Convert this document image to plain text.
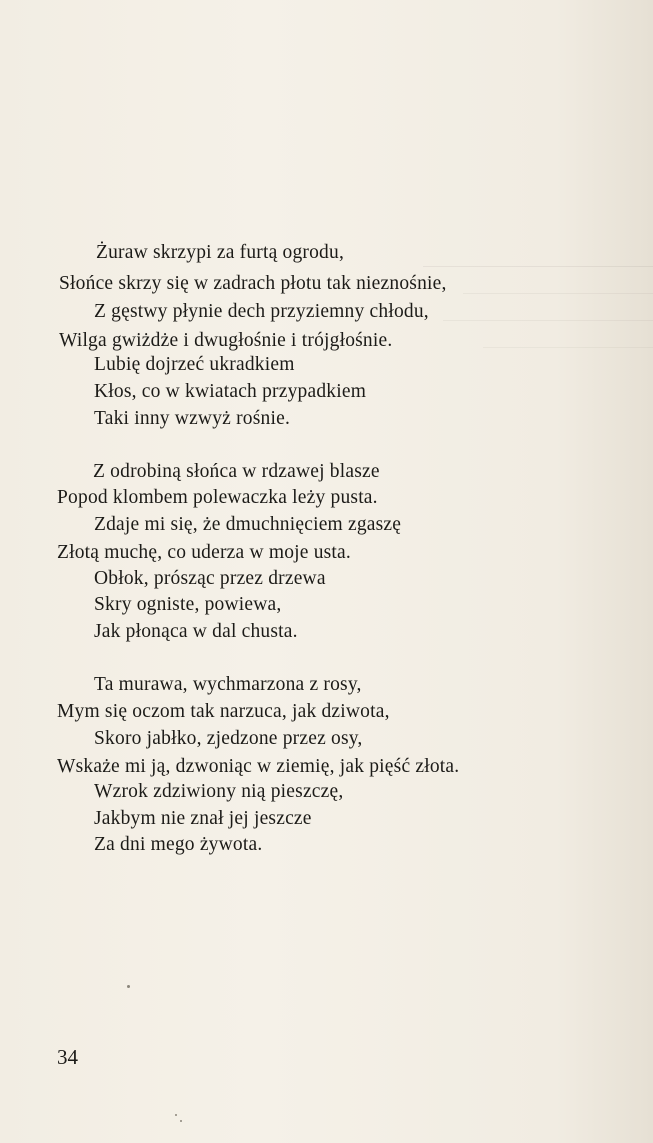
Żuraw skrzypi za furtą ogrodu,
Słońce skrzy się w zadrach płotu tak nieznośnie,
Z gęstwy płynie dech przyziemny chłodu,
Wilga gwiżdże i dwugłośnie i trójgłośnie.
Lubię dojrzeć ukradkiem
Kłos, co w kwiatach przypadkiem
Taki inny wzwyż rośnie.
Z odrobiną słońca w rdzawej blasze
Popod klombem polewaczka leży pusta.
Zdaje mi się, że dmuchnięciem zgaszę
Złotą muchę, co uderza w moje usta.
Obłok, prósząc przez drzewa
Skry ogniste, powiewa,
Jak płonąca w dal chusta.
Ta murawa, wychmarzona z rosy,
Mym się oczom tak narzuca, jak dziwota,
Skoro jabłko, zjedzone przez osy,
Wskaże mi ją, dzwoniąc w ziemię, jak pięść złota.
Wzrok zdziwiony nią pieszczę,
Jakbym nie znał jej jeszcze
Za dni mego żywota.
34
